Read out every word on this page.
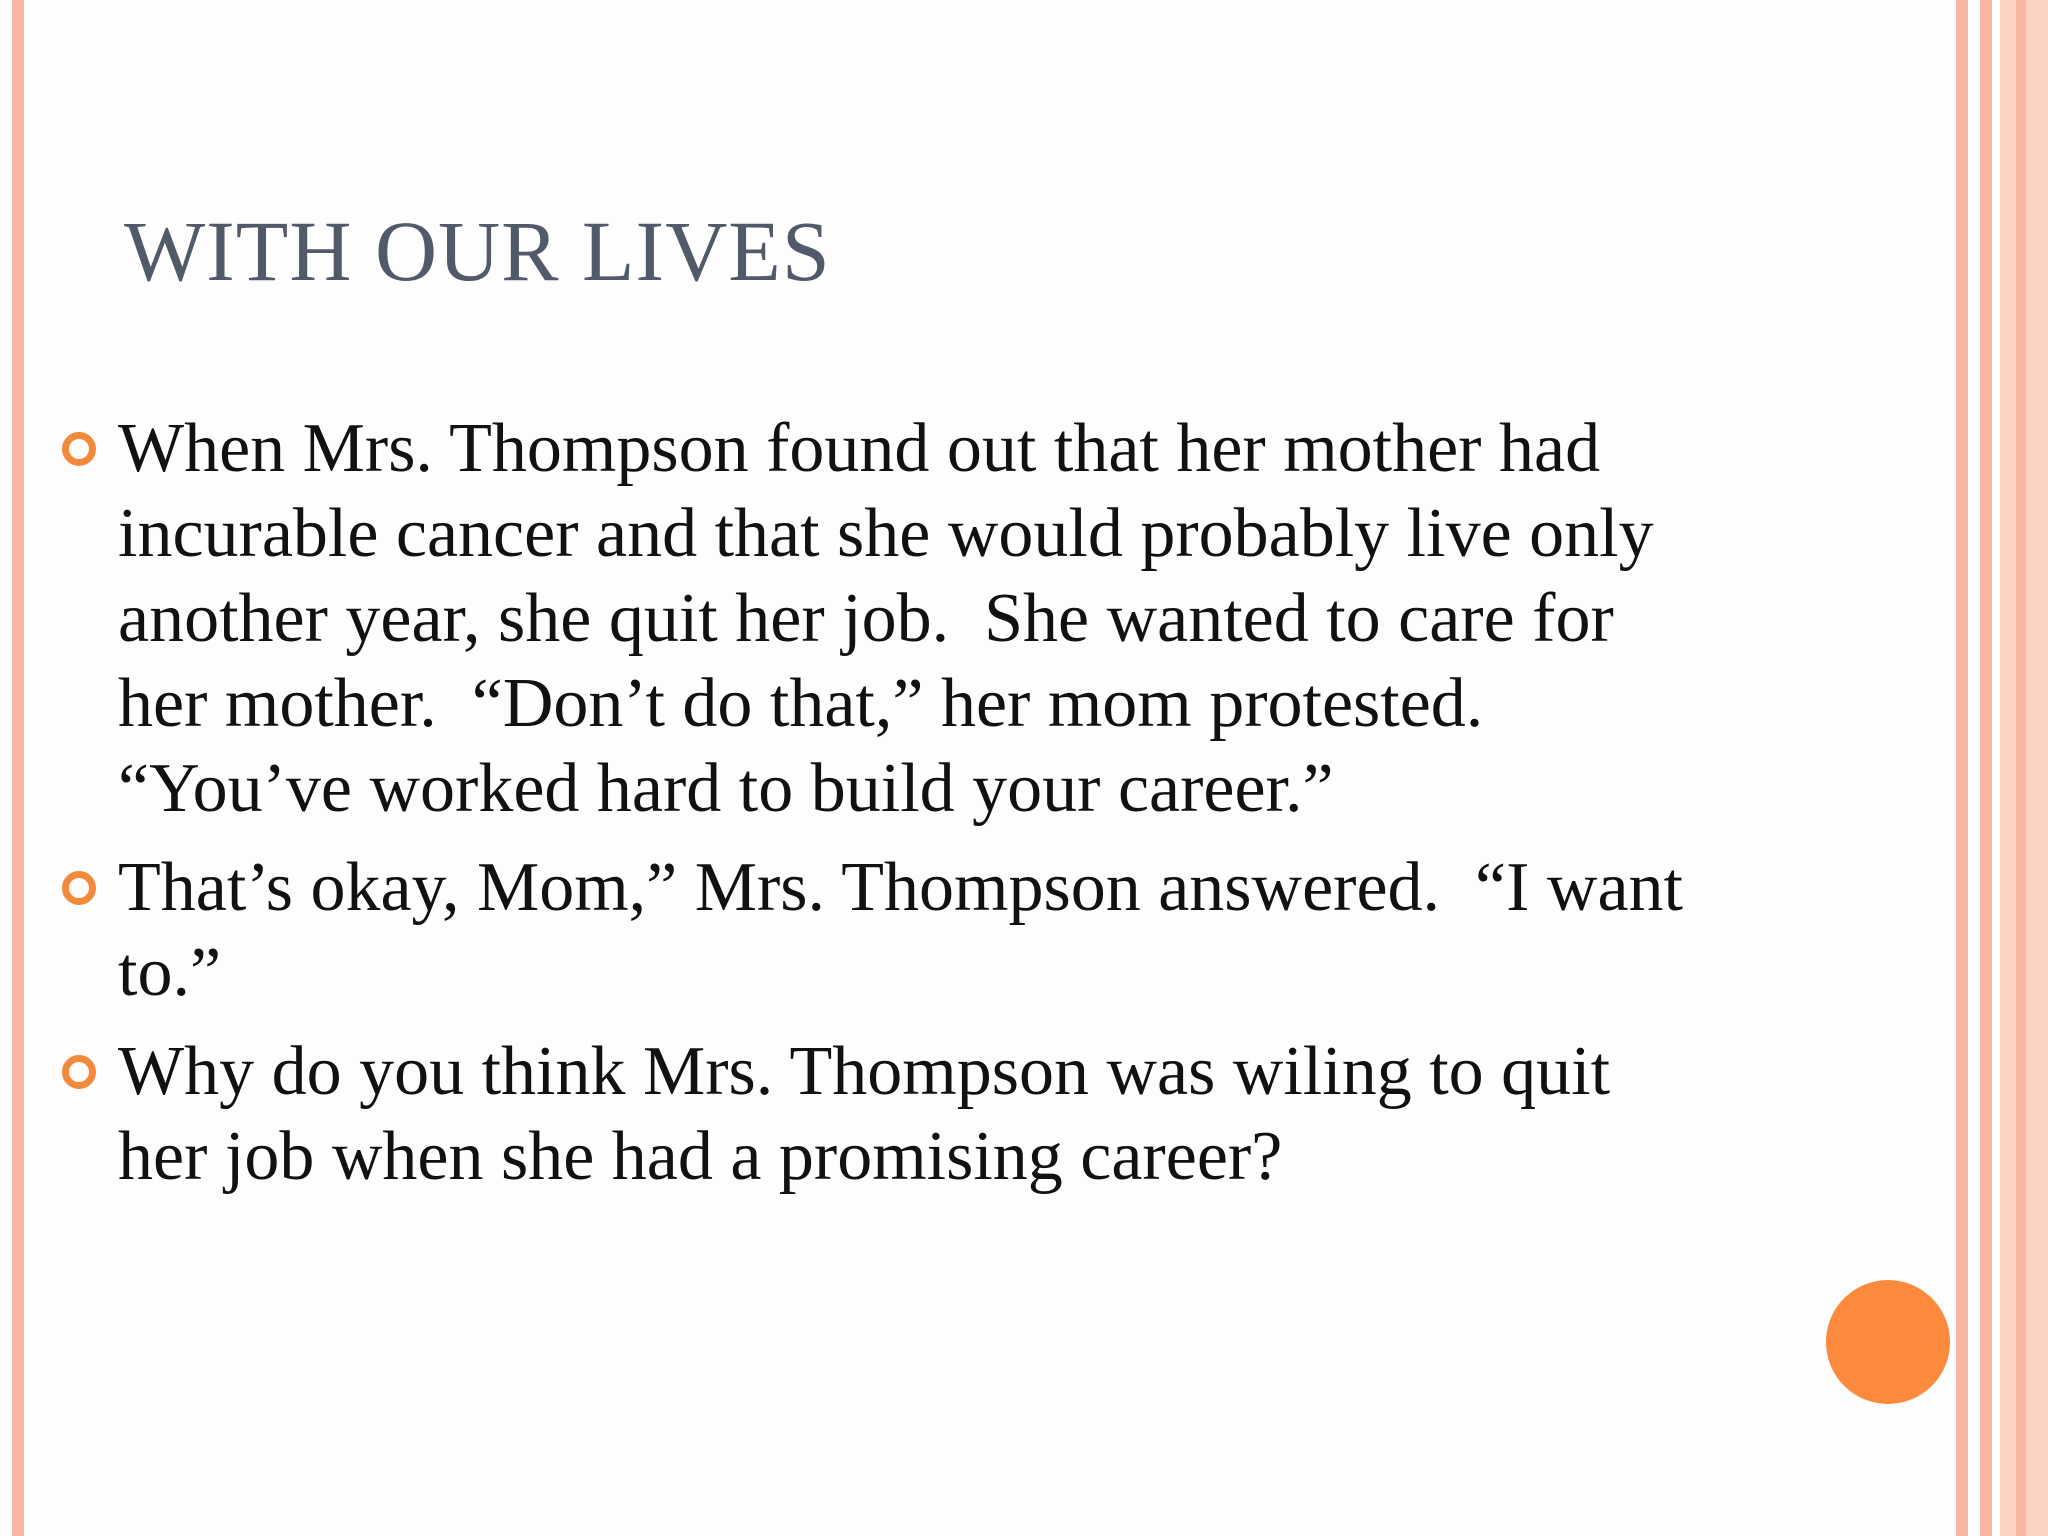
WITH OUR LIVES
When Mrs. Thompson found out that her mother had
incurable cancer and that she would probably live only
another year, she quit her job.  She wanted to care for
her mother.  “Don’t do that,” her mom protested.
“You’ve worked hard to build your career.”
That’s okay, Mom,” Mrs. Thompson answered.  “I want
to.”
Why do you think Mrs. Thompson was wiling to quit
her job when she had a promising career?
